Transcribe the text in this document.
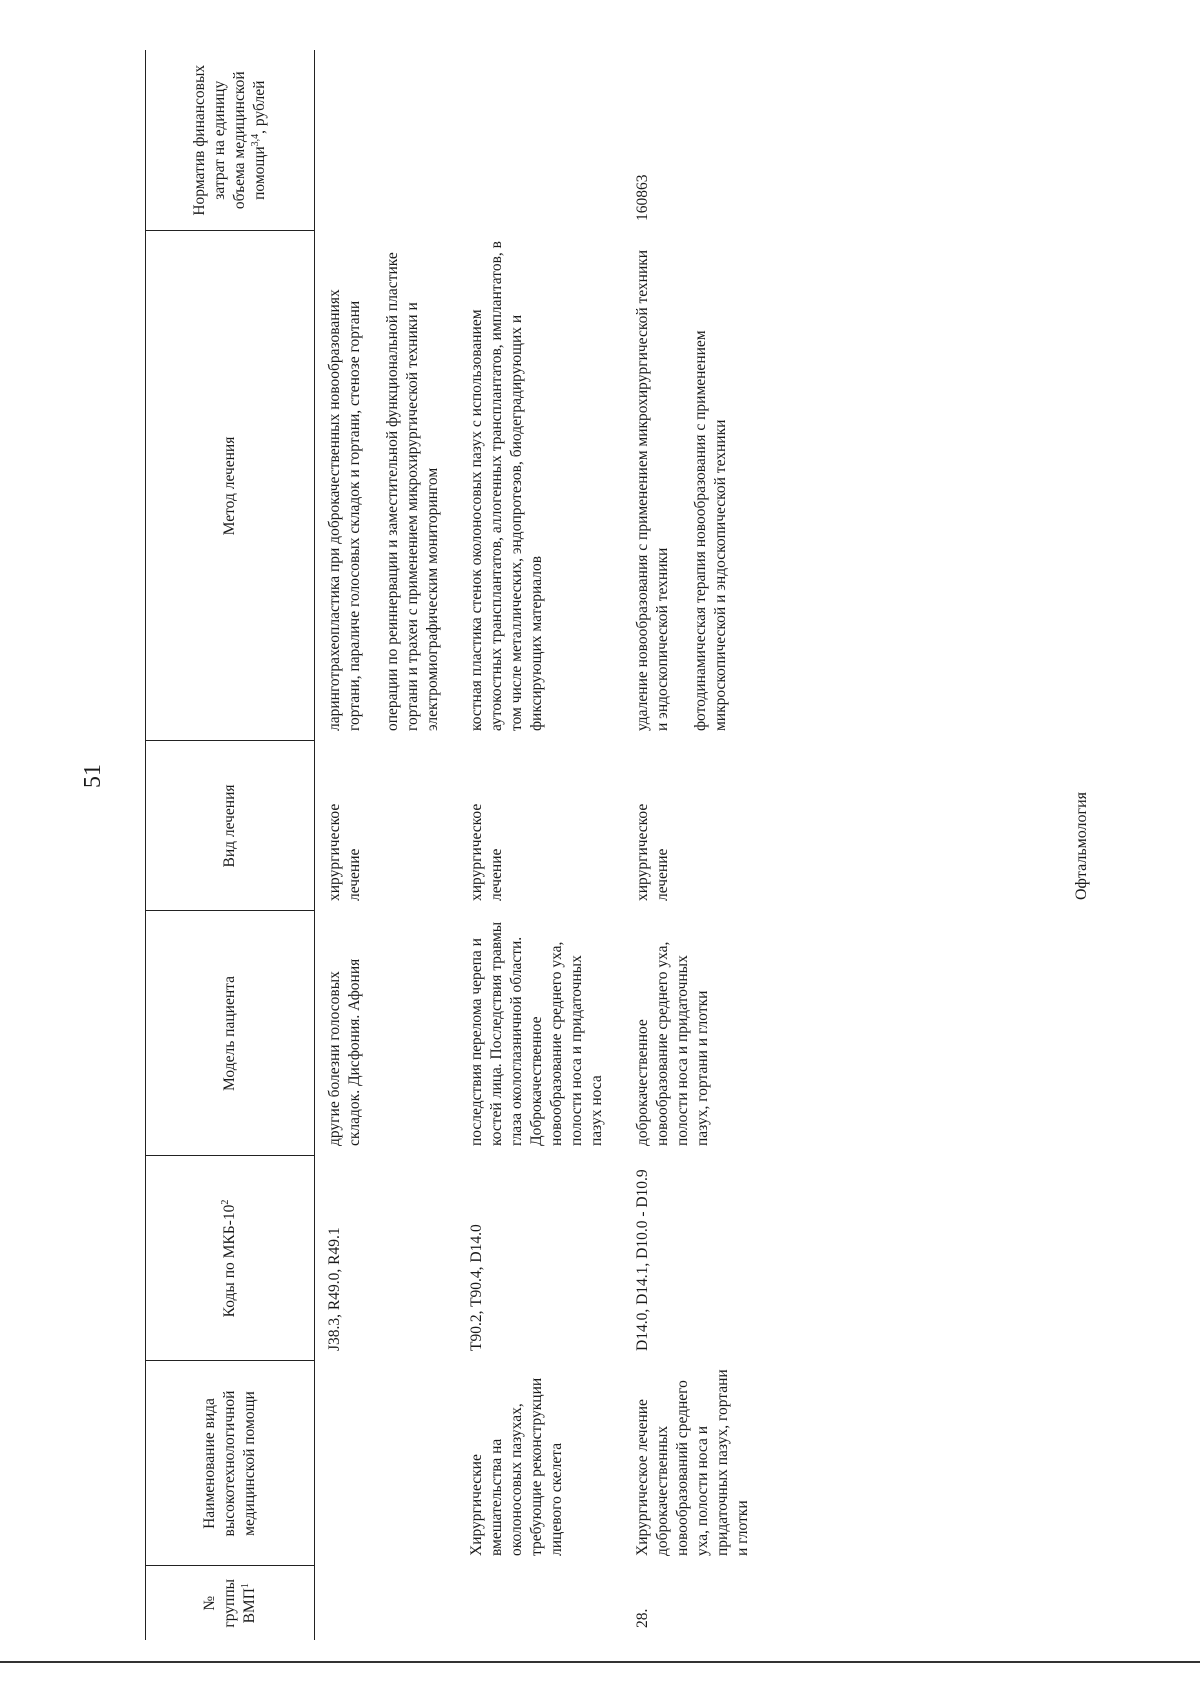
51
№ группы ВМП$^1$	Наименование вида высокотехнологичной медицинской помощи	Коды по МКБ-$10^2$	Модель пациента	Вид лечения	Метод лечения	Норматив финансовых затрат на единицу объема медицинской помощи$^{3,4}$, рублей
		J38.3, R49.0, R49.1	другие болезни голосовых складок. Дисфония. Афония	хирургическое лечение	ларинготрахеопластика при доброкачественных новообразованиях гортани, параличе голосовых складок и гортани, стенозе гортани операции по реиннервации и заместительной функциональной пластике гортани и трахеи с применением микрохирургической техники и электромиографическим мониторингом	

	Хирургические вмешательства на околоносовых пазухах, требующие реконструкции лицевого скелета	T90.2, T90.4, D14.0	последствия перелома черепа и костей лица. Последствия травмы глаза окологлазничной области. Доброкачественное новообразование среднего уха, полости носа и придаточных пазух носа	хирургическое лечение	костная пластика стенок околоносовых пазух с использованием аутокостных трансплантатов, аллогенных трансплантатов, имплантатов, в том числе металлических, эндопротезов, биодеградирующих и фиксирующих материалов	

28.	Хирургическое лечение доброкачественных новообразований среднего уха, полости носа и придаточных пазух, гортани и глотки	D14.0, D14.1, D10.0 - D10.9	доброкачественное новообразование среднего уха, полости носа и придаточных пазух, гортани и глотки	хирургическое лечение	удаление новообразования с применением микрохирургической техники и эндоскопической техники фотодинамическая терапия новообразования с применением микроскопической и эндоскопической техники	160863
Офтальмология
